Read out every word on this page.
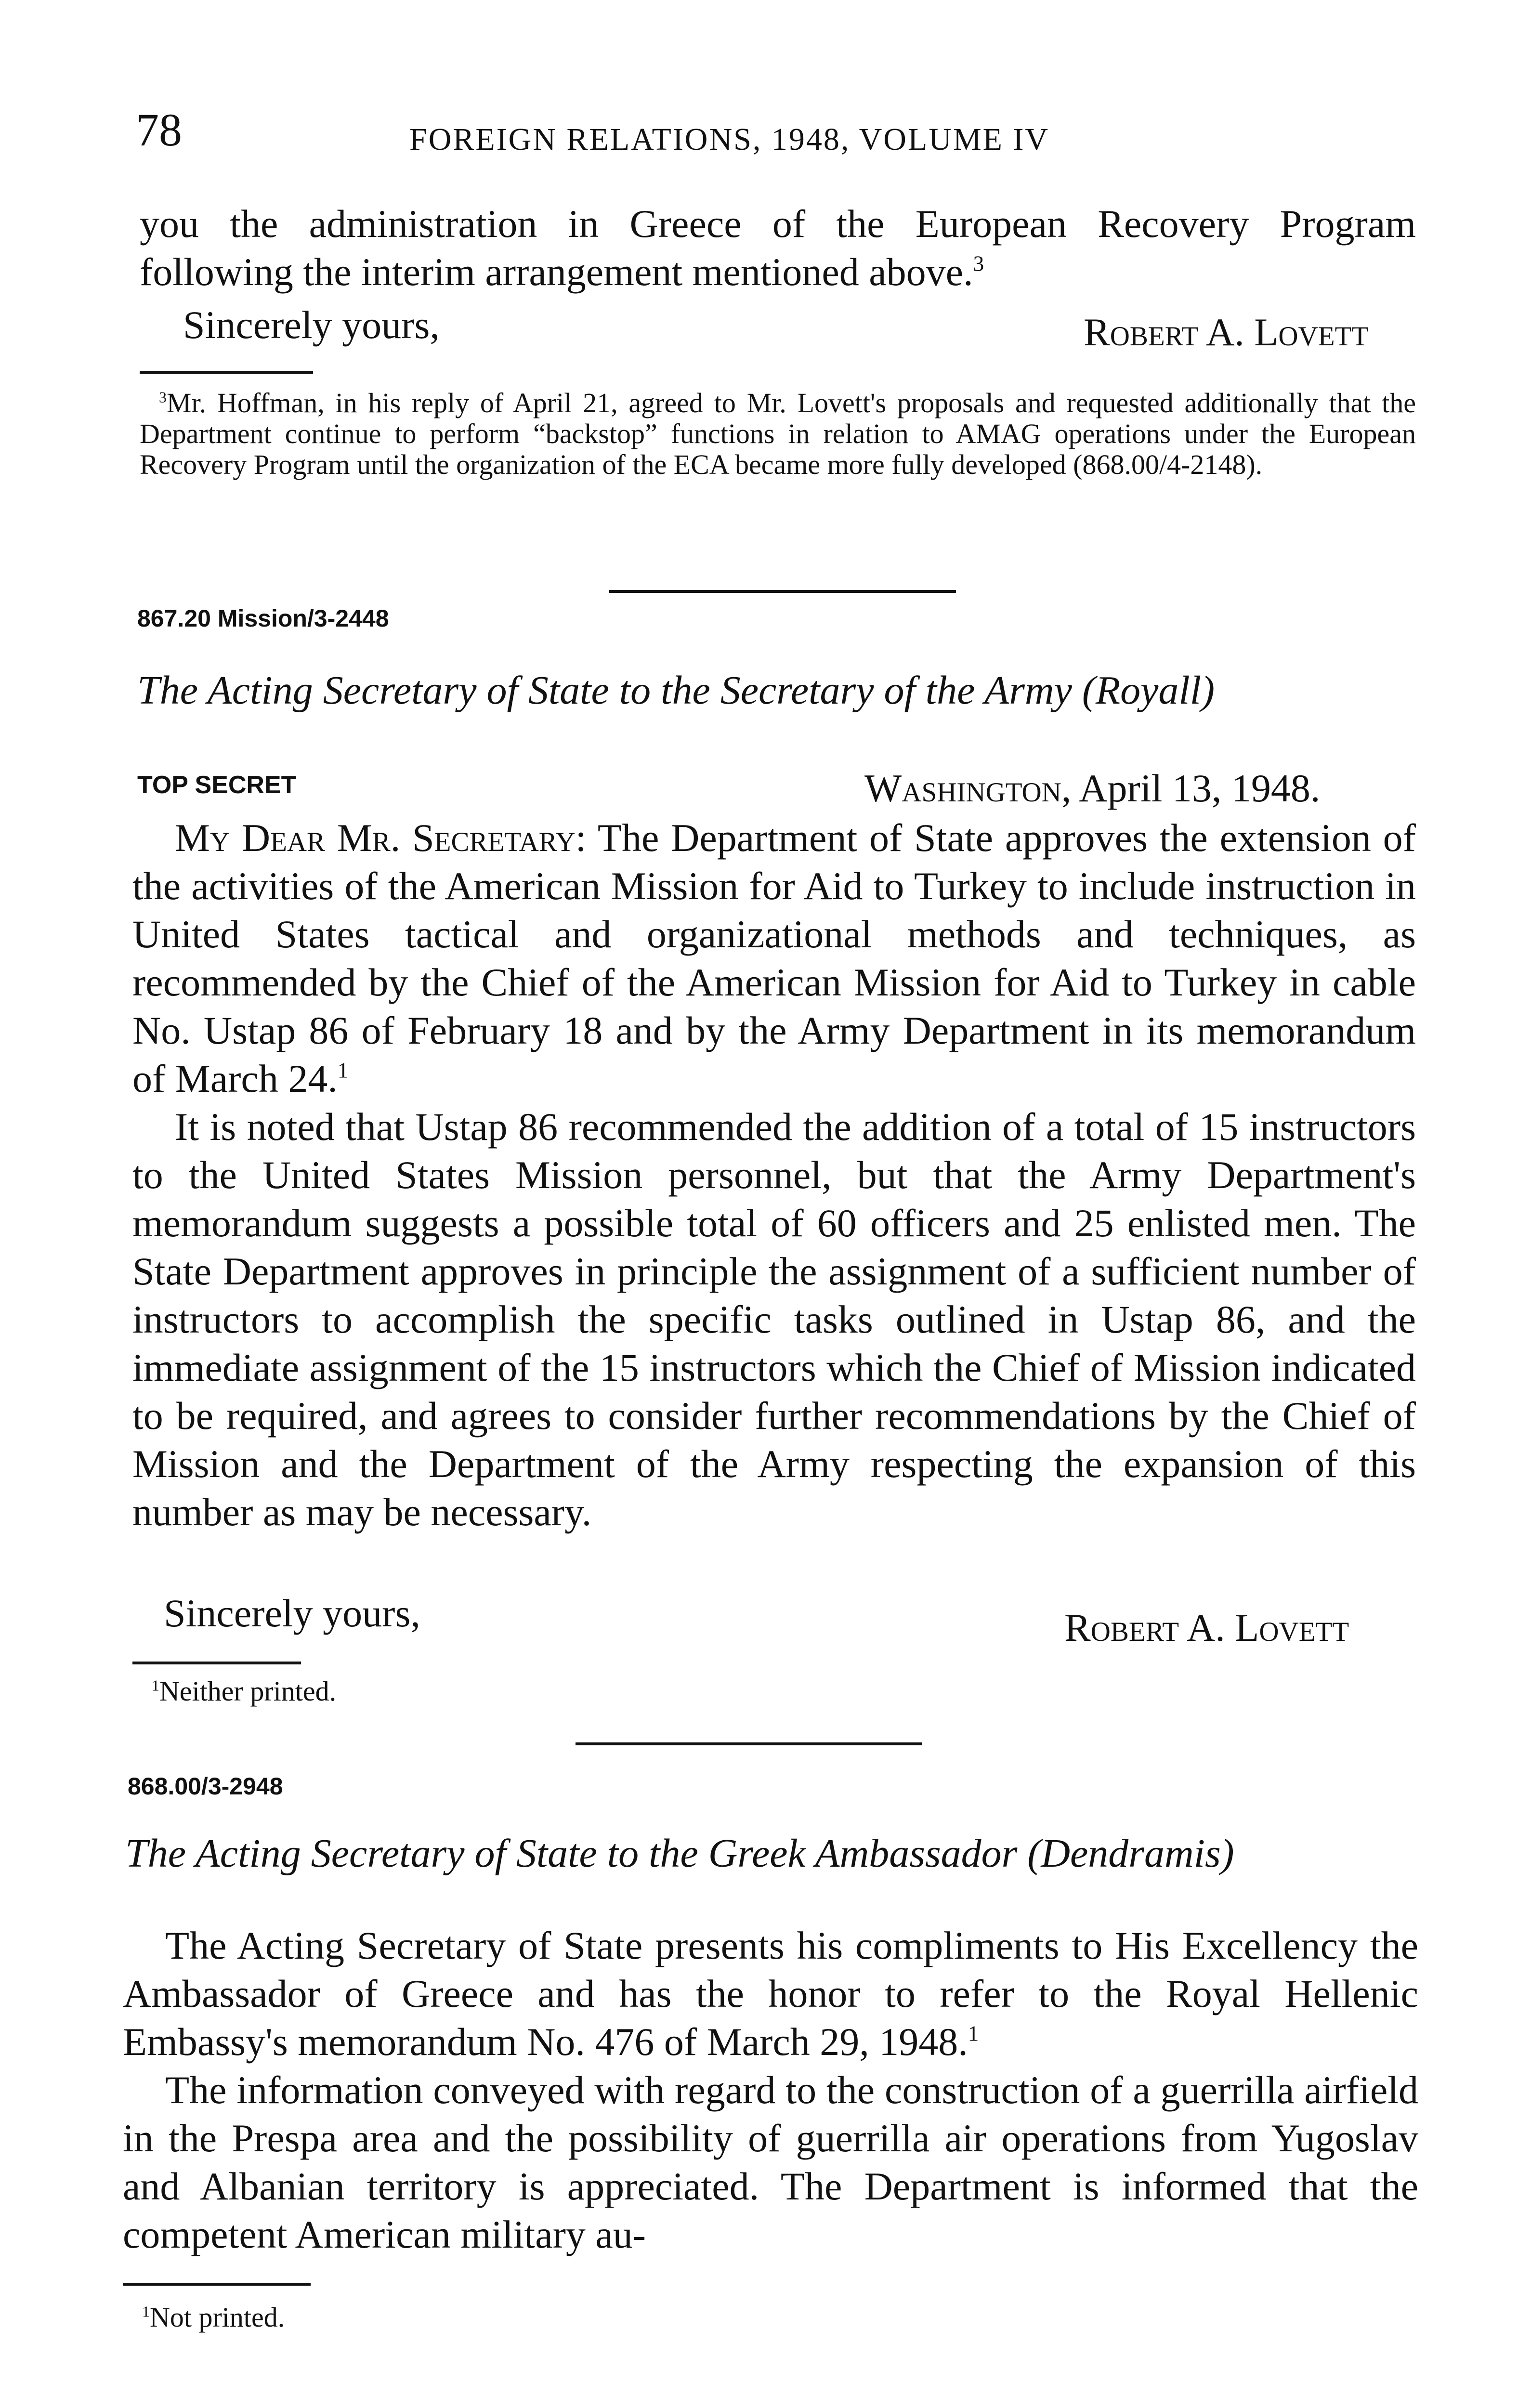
78	FOREIGN RELATIONS, 1948, VOLUME IV

you the administration in Greece of the European Recovery Program

following the interim arrangement mentioned above.$^3$

Sincerely yours,	Robert A. Lovett

$^3$Mr. Hoffman, in his reply of April 21, agreed to Mr. Lovett's proposals and requested additionally that the Department continue to perform “backstop” functions in relation to AMAG operations under the European Recovery Program until the organization of the ECA became more fully developed (868.00/4-2148).

867.20 Mission/3-2448
The Acting Secretary of State to the Secretary of the Army (Royall)
TOP SECRET	Washington, April 13, 1948.

My Dear Mr. Secretary: The Department of State approves the extension of the activities of the American Mission for Aid to Turkey to include instruction in United States tactical and organizational methods and techniques, as recommended by the Chief of the American Mission for Aid to Turkey in cable No. Ustap 86 of February 18 and by the Army Department in its memorandum of March 24.$^1$

It is noted that Ustap 86 recommended the addition of a total of 15 instructors to the United States Mission personnel, but that the Army Department's memorandum suggests a possible total of 60 officers and 25 enlisted men. The State Department approves in principle the assignment of a sufficient number of instructors to accomplish the specific tasks outlined in Ustap 86, and the immediate assignment of the 15 instructors which the Chief of Mission indicated to be required, and agrees to consider further recommendations by the Chief of Mission and the Department of the Army respecting the expansion of this number as may be necessary.

Sincerely yours,	Robert A. Lovett

$^1$Neither printed.

868.00/3-2948
The Acting Secretary of State to the Greek Ambassador (Dendramis)

The Acting Secretary of State presents his compliments to His Excellency the Ambassador of Greece and has the honor to refer to the Royal Hellenic Embassy's memorandum No. 476 of March 29, 1948.$^1$

The information conveyed with regard to the construction of a guerrilla airfield in the Prespa area and the possibility of guerrilla air operations from Yugoslav and Albanian territory is appreciated. The Department is informed that the competent American military au-

$^1$Not printed.
